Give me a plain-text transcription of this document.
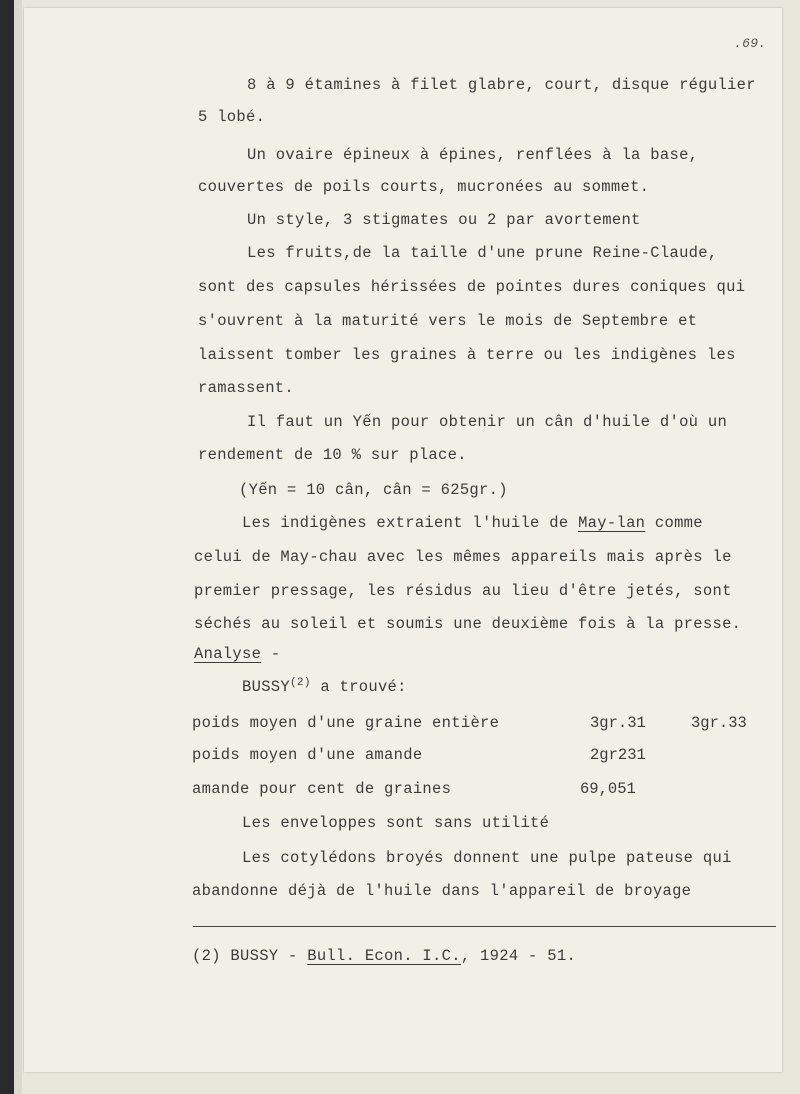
.69.
8 à 9 étamines à filet glabre, court, disque régulier
5 lobé.
Un ovaire épineux à épines, renflées à la base,
couvertes de poils courts, mucronées au sommet.
Un style, 3 stigmates ou 2 par avortement
Les fruits,de la taille d'une prune Reine-Claude,
sont des capsules hérissées de pointes dures coniques qui
s'ouvrent à la maturité vers le mois de Septembre et
laissent tomber les graines à terre ou les indigènes les
ramassent.
Il faut un Yến pour obtenir un cân d'huile d'où un
rendement de 10 % sur place.
(Yến = 10 cân, cân = 625gr.)
Les indigènes extraient l'huile de May-lan comme
celui de May-chau avec les mêmes appareils mais après le
premier pressage, les résidus au lieu d'être jetés, sont
séchés au soleil et soumis une deuxième fois à la presse.
Analyse -
BUSSY$^{(2)}$ a trouvé:
poids moyen d'une graine entière	3gr.31	3gr.33
poids moyen d'une amande	2gr231
amande pour cent de graines	69,051
Les enveloppes sont sans utilité
Les cotylédons broyés donnent une pulpe pateuse qui
abandonne déjà de l'huile dans l'appareil de broyage
(2) BUSSY - Bull. Econ. I.C., 1924 - 51.
